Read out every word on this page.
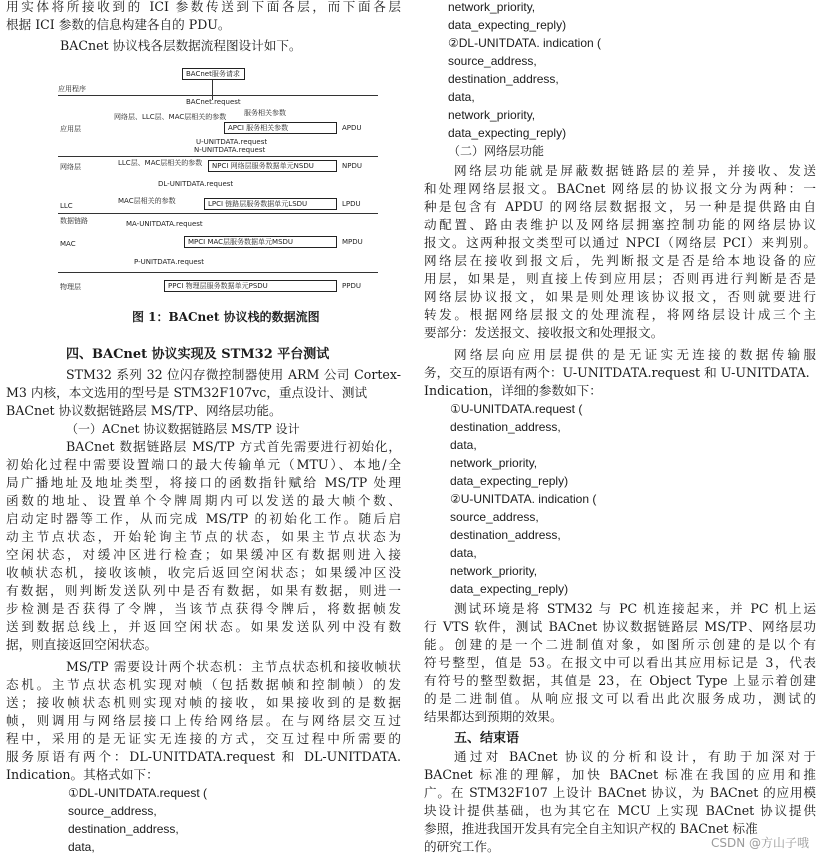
用实体将所接收到的 ICI 参数传送到下面各层，而下面各层
根据 ICI 参数的信息构建各自的 PDU。
BACnet 协议栈各层数据流程图设计如下。
BACnet服务请求
应用程序
BACnet.request
网络层、LLC层、MAC层相关的参数	服务相关参数
应用层	APCI 服务相关参数	APDU
U-UNITDATA.request
N-UNITDATA.request
网络层	LLC层、MAC层相关的参数	NPCI 网络层服务数据单元NSDU	NPDU
DL-UNITDATA.request
LLC
MAC层相关的参数	LPCI 链路层服务数据单元LSDU	LPDU
数据链路	MA-UNITDATA.request
MAC	MPCI MAC层服务数据单元MSDU	MPDU
P-UNITDATA.request
物理层	PPCI 物理层服务数据单元PSDU	PPDU
图 1：BACnet 协议栈的数据流图
四、BACnet 协议实现及 STM32 平台测试
STM32 系列 32 位闪存微控制器使用 ARM 公司 Cortex-
M3 内核，本文选用的型号是 STM32F107vc，重点设计、测试
BACnet 协议数据链路层 MS/TP、网络层功能。
（一）ACnet 协议数据链路层 MS/TP 设计
BACnet 数据链路层 MS/TP 方式首先需要进行初始化，
初始化过程中需要设置端口的最大传输单元（MTU）、本地/全
局广播地址及地址类型，将接口的函数指针赋给 MS/TP 处理
函数的地址、设置单个令牌周期内可以发送的最大帧个数、
启动定时器等工作，从而完成 MS/TP 的初始化工作。随后启
动主节点状态，开始轮询主节点的状态，如果主节点状态为
空闲状态，对缓冲区进行检查；如果缓冲区有数据则进入接
收帧状态机，接收该帧，收完后返回空闲状态；如果缓冲区没
有数据，则判断发送队列中是否有数据，如果有数据，则进一
步检测是否获得了令牌，当该节点获得令牌后，将数据帧发
送到数据总线上，并返回空闲状态。如果发送队列中没有数
据，则直接返回空闲状态。
MS/TP 需要设计两个状态机：主节点状态机和接收帧状
态机。主节点状态机实现对帧（包括数据帧和控制帧）的发
送；接收帧状态机则实现对帧的接收，如果接收到的是数据
帧，则调用与网络层接口上传给网络层。在与网络层交互过
程中，采用的是无证实无连接的方式，交互过程中所需要的
服务原语有两个：DL-UNITDATA.request 和 DL-UNITDATA.
Indication。其格式如下：
①DL-UNITDATA.request (
source_address,
destination_address,
data,
network_priority,
data_expecting_reply)
②DL-UNITDATA. indication (
source_address,
destination_address,
data,
network_priority,
data_expecting_reply)
（二）网络层功能
网络层功能就是屏蔽数据链路层的差异，并接收、发送
和处理网络层报文。BACnet 网络层的协议报文分为两种：一
种是包含有 APDU 的网络层数据报文，另一种是提供路由自
动配置、路由表维护以及网络层拥塞控制功能的网络层协议
报文。这两种报文类型可以通过 NPCI（网络层 PCI）来判别。
网络层在接收到报文后，先判断报文是否是给本地设备的应
用层，如果是，则直接上传到应用层；否则再进行判断是否是
网络层协议报文，如果是则处理该协议报文，否则就要进行
转发。根据网络层报文的处理流程，将网络层设计成三个主
要部分：发送报文、接收报文和处理报文。
网络层向应用层提供的是无证实无连接的数据传输服
务，交互的原语有两个：U-UNITDATA.request 和 U-UNITDATA.
Indication，详细的参数如下：
①U-UNITDATA.request (
destination_address,
data,
network_priority,
data_expecting_reply)
②U-UNITDATA. indication (
source_address,
destination_address,
data,
network_priority,
data_expecting_reply)
测试环境是将 STM32 与 PC 机连接起来，并 PC 机上运
行 VTS 软件，测试 BACnet 协议数据链路层 MS/TP、网络层功
能。创建的是一个二进制值对象，如图所示创建的是以个有
符号整型，值是 53。在报文中可以看出其应用标记是 3，代表
有符号的整型数据，其值是 23，在 Object Type 上显示着创建
的是二进制值。从响应报文可以看出此次服务成功，测试的
结果都达到预期的效果。
五、结束语
通过对 BACnet 协议的分析和设计，有助于加深对于
BACnet 标准的理解，加快 BACnet 标准在我国的应用和推
广。在 STM32F107 上设计 BACnet 协议，为 BACnet 的应用模
块设计提供基础，也为其它在 MCU 上实现 BACnet 协议提供
参照，推进我国开发具有完全自主知识产权的 BACnet 标准
的研究工作。	CSDN @方山子哦
